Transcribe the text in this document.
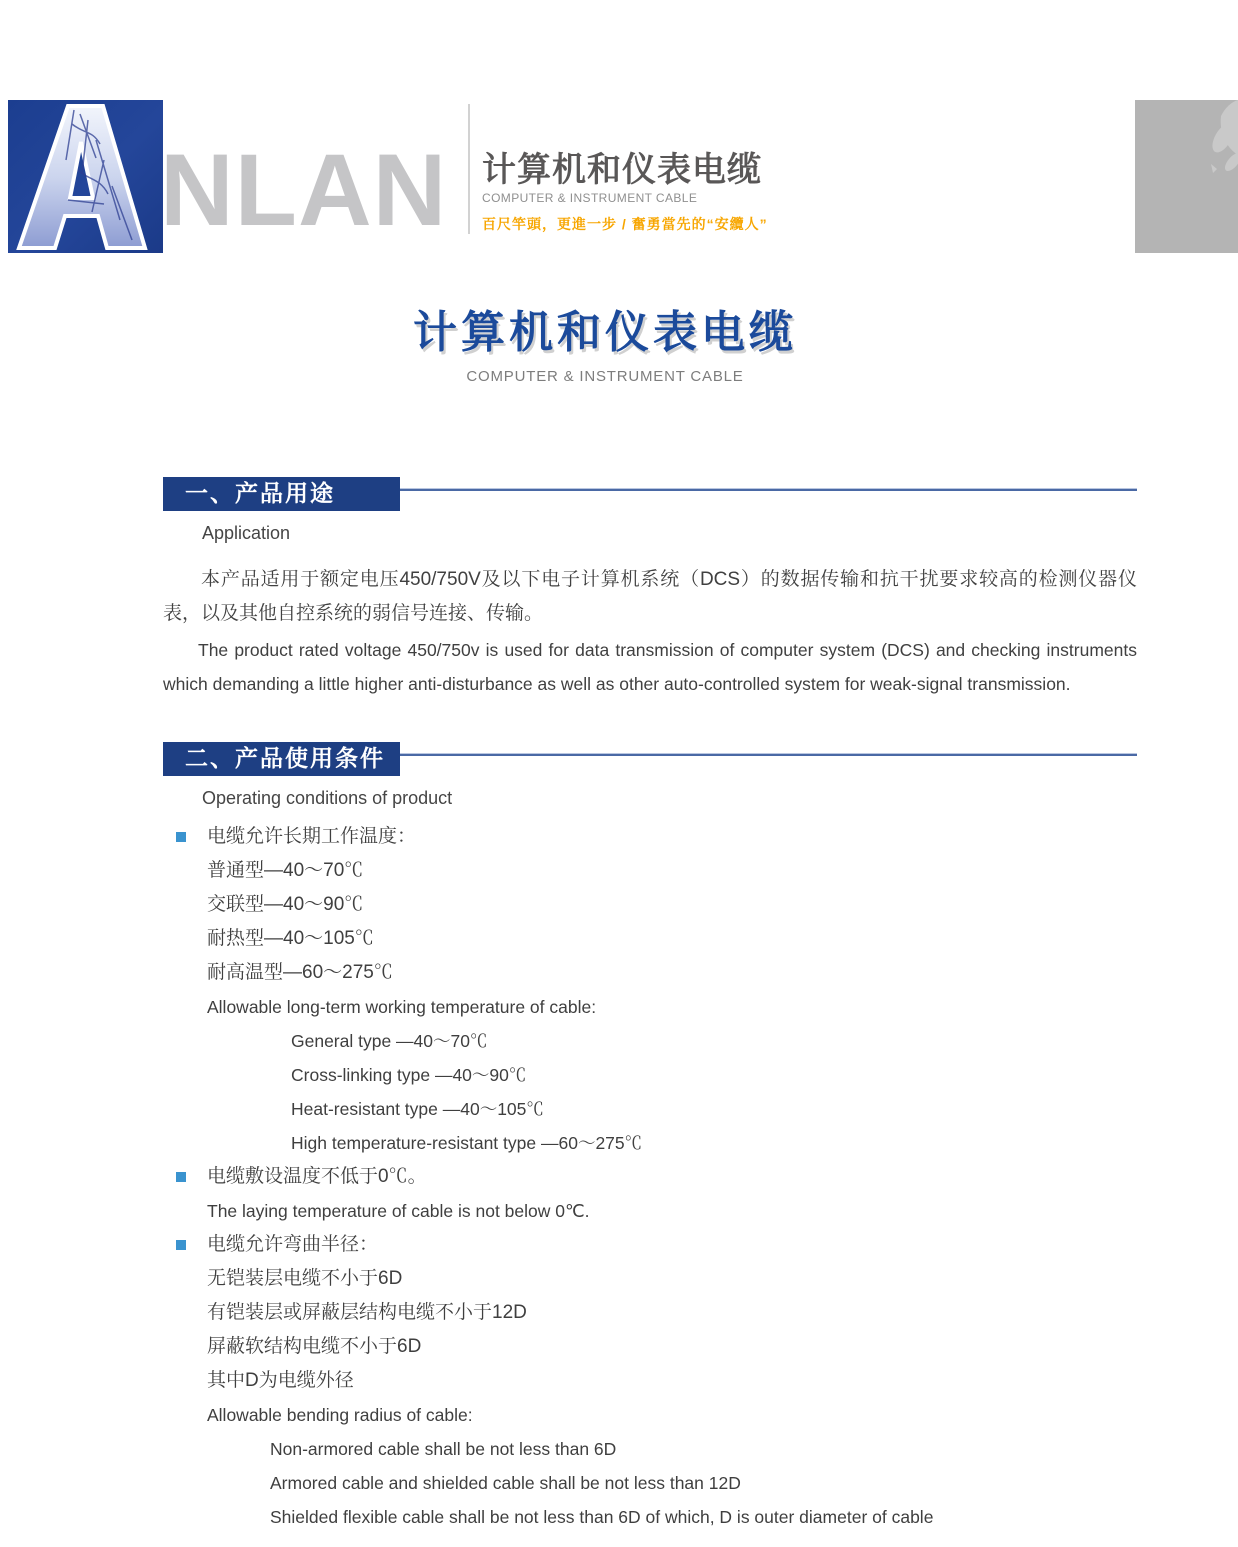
NLAN 计算机和仪表电缆
COMPUTER & INSTRUMENT CABLE
百尺竿頭，更進一步 / 奮勇當先的“安纜人”
计算机和仪表电缆
COMPUTER & INSTRUMENT CABLE
一、产品用途
Application
本产品适用于额定电压450/750V及以下电子计算机系统（DCS）的数据传输和抗干扰要求较高的检测仪器仪表，以及其他自控系统的弱信号连接、传输。
The product rated voltage 450/750v is used for data transmission of computer system (DCS) and checking instruments which demanding a little higher anti-disturbance as well as other auto-controlled system for weak-signal transmission.
二、产品使用条件
Operating conditions of product
电缆允许长期工作温度：
普通型—40～70℃
交联型—40～90℃
耐热型—40～105℃
耐高温型—60～275℃
Allowable long-term working temperature of cable:
General type —40～70℃
Cross-linking type —40～90℃
Heat-resistant type —40～105℃
High temperature-resistant type —60～275℃
电缆敷设温度不低于0℃。
The laying temperature of cable is not below 0℃.
电缆允许弯曲半径：
无铠装层电缆不小于6D
有铠装层或屏蔽层结构电缆不小于12D
屏蔽软结构电缆不小于6D
其中D为电缆外径
Allowable bending radius of cable:
Non-armored cable shall be not less than 6D
Armored cable and shielded cable shall be not less than 12D
Shielded flexible cable shall be not less than 6D of which, D is outer diameter of cable
